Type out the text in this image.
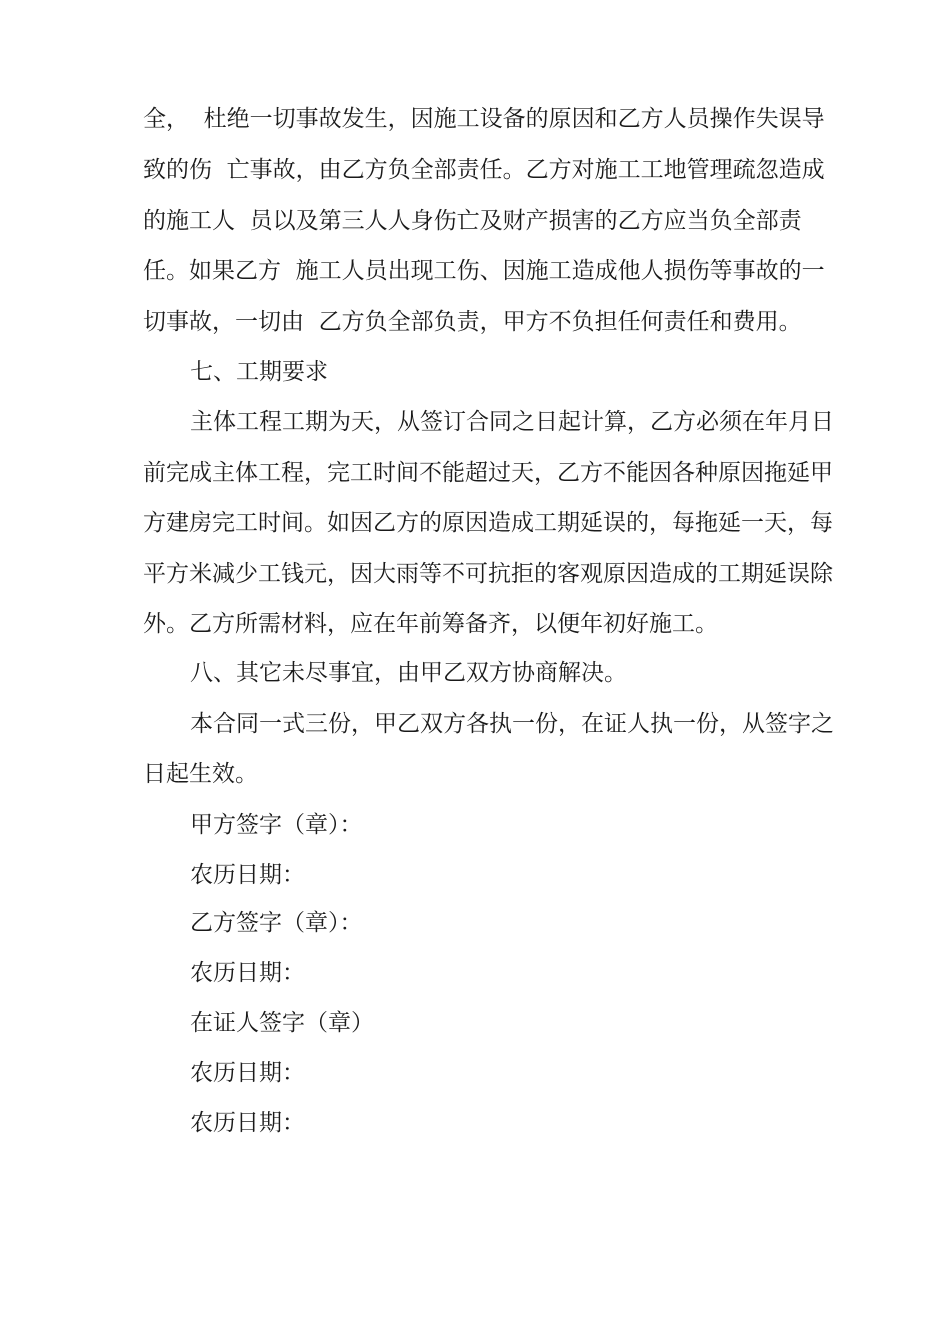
全，  杜绝一切事故发生，因施工设备的原因和乙方人员操作失误导
致的伤  亡事故，由乙方负全部责任。乙方对施工工地管理疏忽造成
的施工人  员以及第三人人身伤亡及财产损害的乙方应当负全部责
任。如果乙方  施工人员出现工伤、因施工造成他人损伤等事故的一
切事故，一切由  乙方负全部负责，甲方不负担任何责任和费用。
七、工期要求
主体工程工期为天，从签订合同之日起计算，乙方必须在年月日
前完成主体工程，完工时间不能超过天，乙方不能因各种原因拖延甲
方建房完工时间。如因乙方的原因造成工期延误的，每拖延一天，每
平方米减少工钱元，因大雨等不可抗拒的客观原因造成的工期延误除
外。乙方所需材料，应在年前筹备齐，以便年初好施工。
八、其它未尽事宜，由甲乙双方协商解决。
本合同一式三份，甲乙双方各执一份，在证人执一份，从签字之
日起生效。
甲方签字（章）：
农历日期：
乙方签字（章）：
农历日期：
在证人签字（章）
农历日期：
农历日期：
